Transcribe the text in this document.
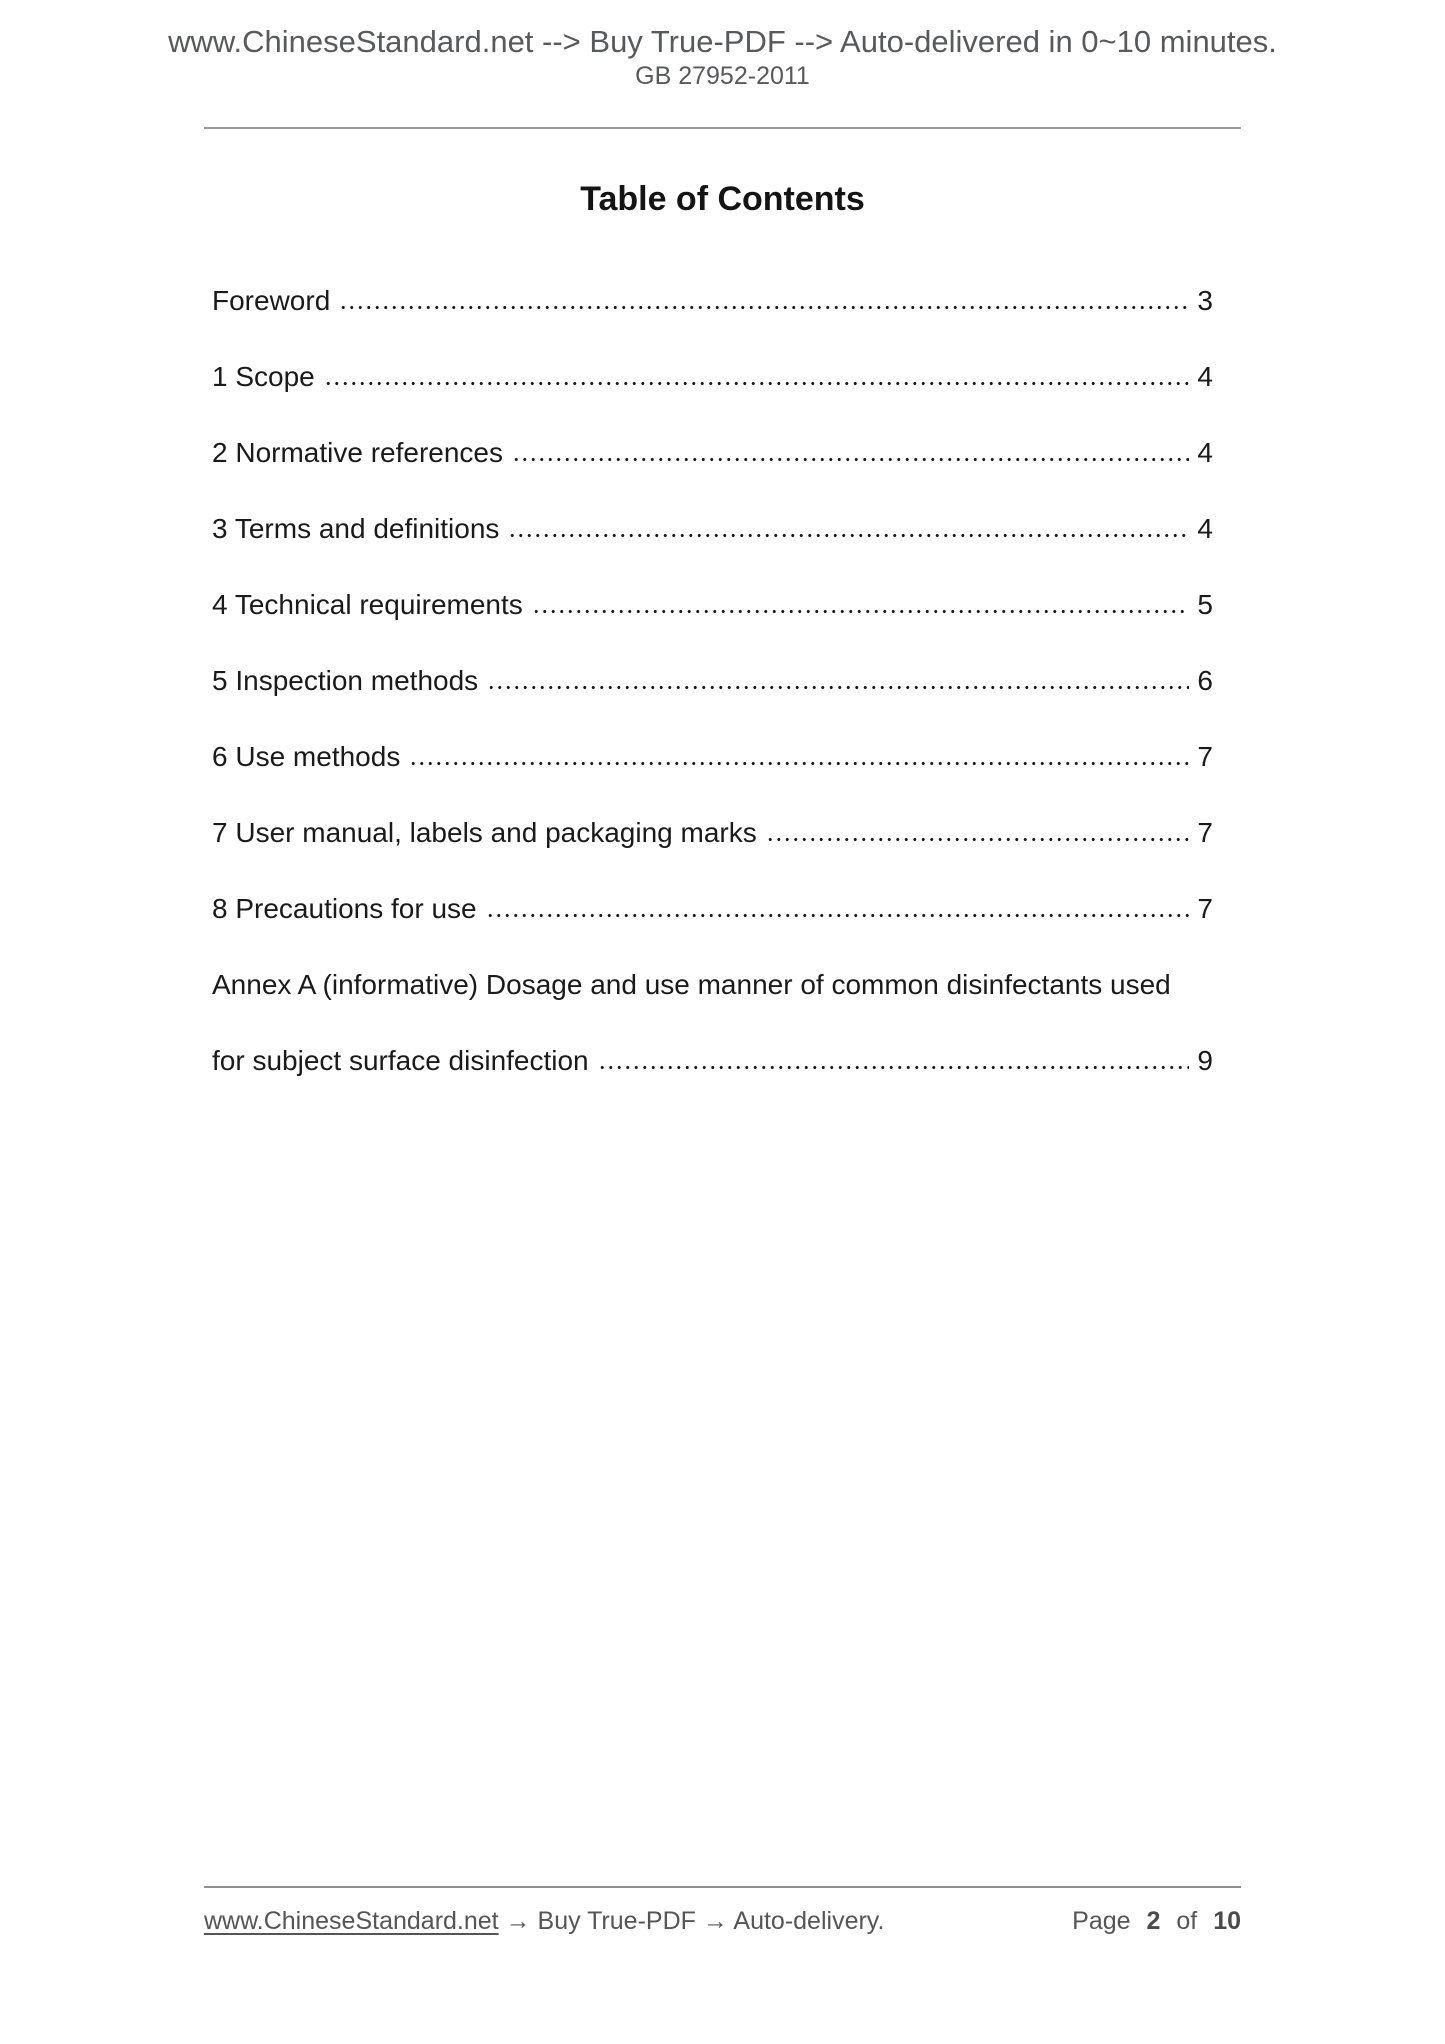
www.ChineseStandard.net --> Buy True-PDF --> Auto-delivered in 0~10 minutes.
GB 27952-2011
Table of Contents
Foreword	3
1 Scope	4
2 Normative references	4
3 Terms and definitions	4
4 Technical requirements	5
5 Inspection methods	6
6 Use methods	7
7 User manual, labels and packaging marks	7
8 Precautions for use	7
Annex A (informative) Dosage and use manner of common disinfectants used
for subject surface disinfection	9
www.ChineseStandard.net → Buy True-PDF → Auto-delivery.	Page 2 of 10
